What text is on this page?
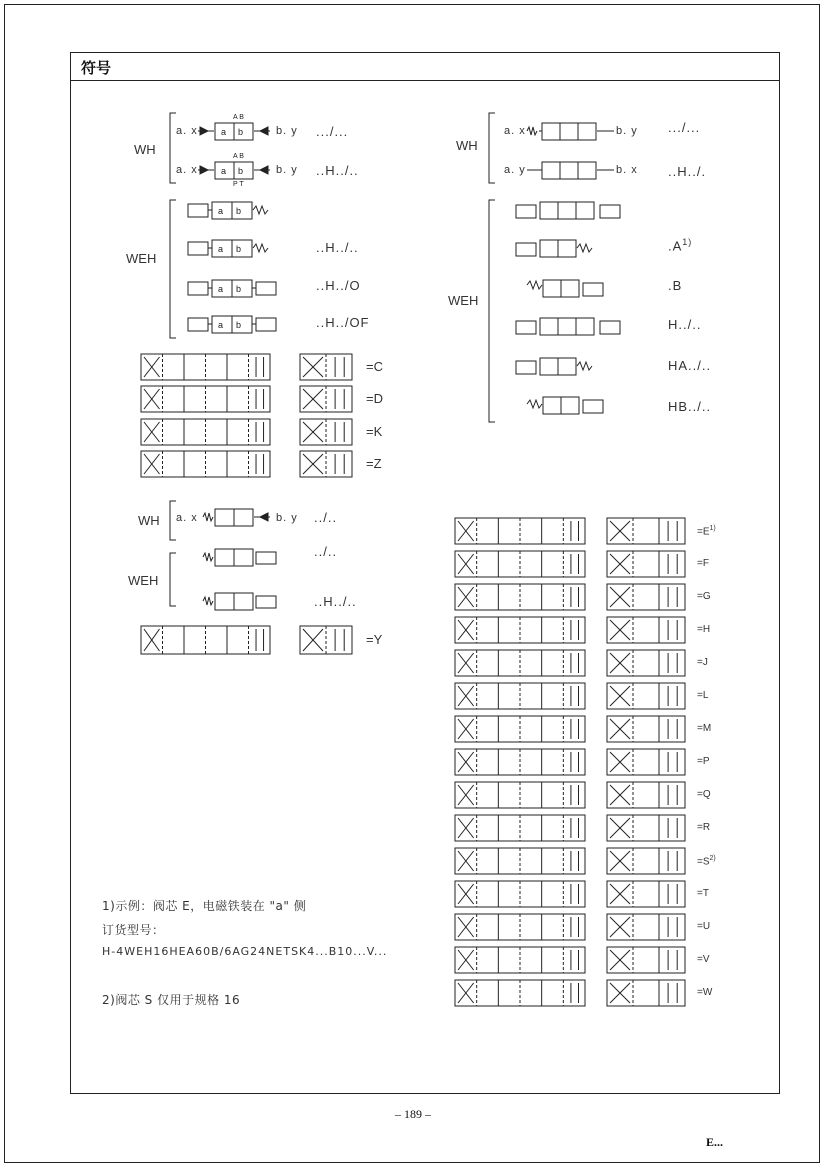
符号
WH
WEH
a b
A B
a b
A B
P T
a b
a b
a b
a b
a. x	b. y .../...
a. x	b. y ..H../..
..H../..
..H../O
..H../OF
WH
WEH
a. x	b. y .../...
a. y	b. x ..H../.
$.A^{1)}$
.B
H../..
HA../..
HB../..
=C
=D
=K
=Z
WH
WEH
a. x	b. y ../..
../..
..H../..
=Y
$=E^{1)}$
=F
=G
=H
=J
=L
=M
=P
=Q
=R
$=S^{2)}$
=T
=U
=V
=W
1)示例：阀芯 E，电磁铁装在 "a" 侧
订货型号：
H-4WEH16HEA60B/6AG24NETSK4...B10...V...
2)阀芯 S 仅用于规格 16
– 189 –
E...
